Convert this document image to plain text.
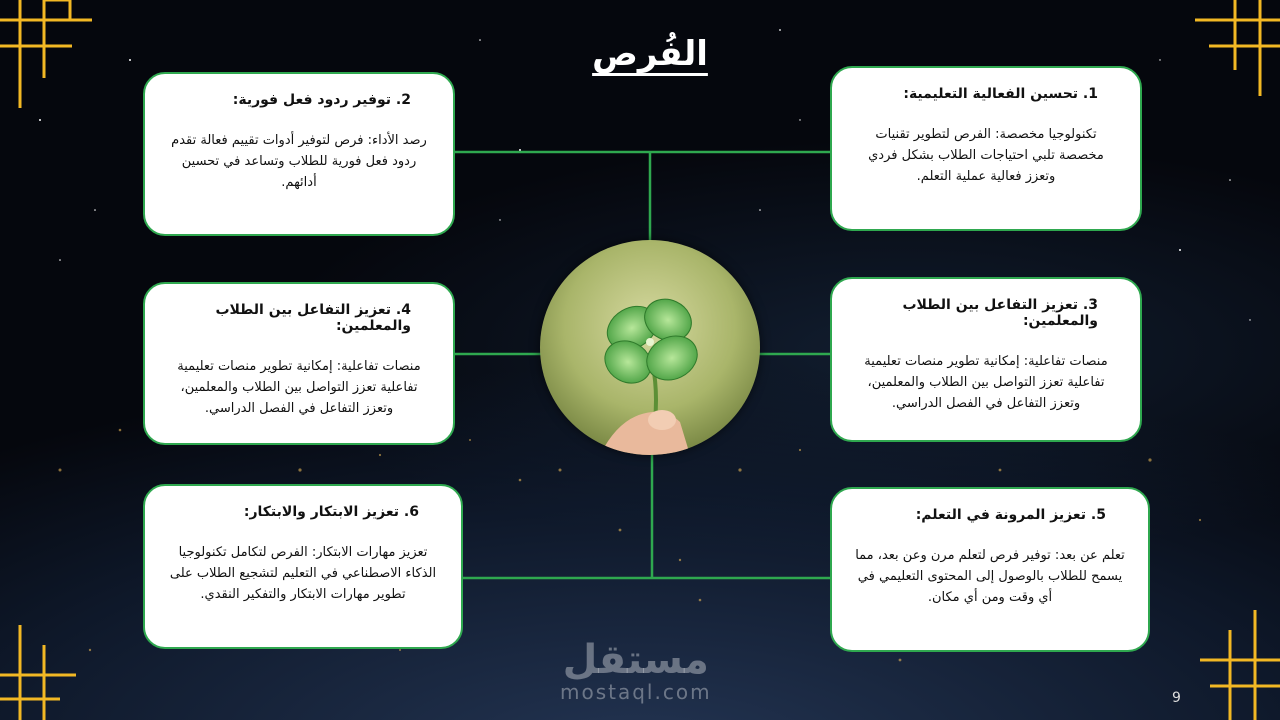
الفُرص
1. تحسين الفعالية التعليمية:
تكنولوجيا مخصصة: الفرص لتطوير تقنيات مخصصة تلبي احتياجات الطلاب بشكل فردي وتعزز فعالية عملية التعلم.
2. توفير ردود فعل فورية:
رصد الأداء: فرص لتوفير أدوات تقييم فعالة تقدم ردود فعل فورية للطلاب وتساعد في تحسين أدائهم.
3. تعزيز التفاعل بين الطلاب والمعلمين:
منصات تفاعلية: إمكانية تطوير منصات تعليمية تفاعلية تعزز التواصل بين الطلاب والمعلمين، وتعزز التفاعل في الفصل الدراسي.
4. تعزيز التفاعل بين الطلاب والمعلمين:
منصات تفاعلية: إمكانية تطوير منصات تعليمية تفاعلية تعزز التواصل بين الطلاب والمعلمين، وتعزز التفاعل في الفصل الدراسي.
5. تعزيز المرونة في التعلم:
تعلم عن بعد: توفير فرص لتعلم مرن وعن بعد، مما يسمح للطلاب بالوصول إلى المحتوى التعليمي في أي وقت ومن أي مكان.
6. تعزيز الابتكار والابتكار:
تعزيز مهارات الابتكار: الفرص لتكامل تكنولوجيا الذكاء الاصطناعي في التعليم لتشجيع الطلاب على تطوير مهارات الابتكار والتفكير النقدي.
مستقل
mostaql.com	9
